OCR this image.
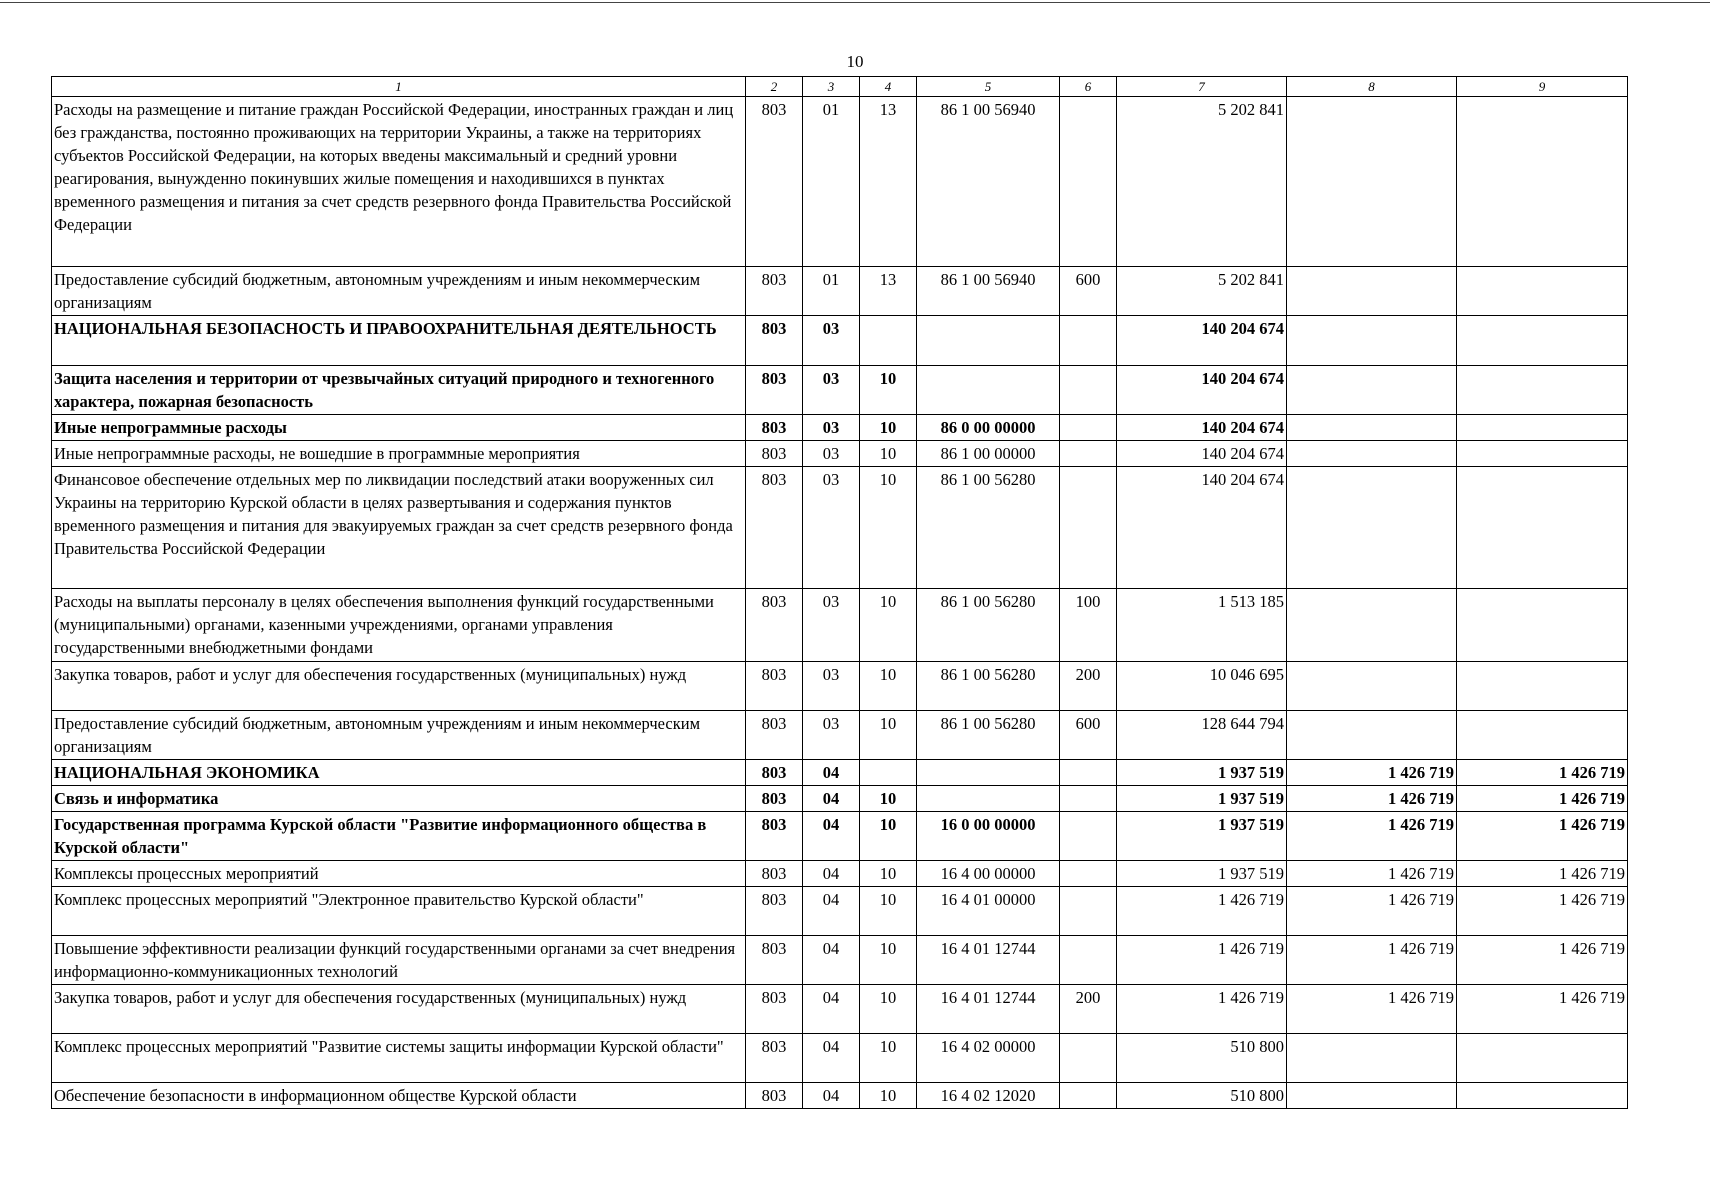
10
1	2	3	4	5	6	7	8	9
Расходы на размещение и питание граждан Российской Федерации, иностранных граждан и лиц без гражданства, постоянно проживающих на территории Украины, а также на территориях субъектов Российской Федерации, на которых введены максимальный и средний уровни реагирования, вынужденно покинувших жилые помещения и находившихся в пунктах временного размещения и питания за счет средств резервного фонда Правительства Российской Федерации	803	01	13	86 1 00 56940		5 202 841		
Предоставление субсидий бюджетным, автономным учреждениям и иным некоммерческим организациям	803	01	13	86 1 00 56940	600	5 202 841		
НАЦИОНАЛЬНАЯ БЕЗОПАСНОСТЬ И ПРАВООХРАНИТЕЛЬНАЯ ДЕЯТЕЛЬНОСТЬ	803	03				140 204 674		
Защита населения и территории от чрезвычайных ситуаций природного и техногенного характера, пожарная безопасность	803	03	10			140 204 674		
Иные непрограммные расходы	803	03	10	86 0 00 00000		140 204 674		
Иные непрограммные расходы, не вошедшие в программные мероприятия	803	03	10	86 1 00 00000		140 204 674		
Финансовое обеспечение отдельных мер по ликвидации последствий атаки вооруженных сил Украины на территорию Курской области в целях развертывания и содержания пунктов временного размещения и питания для эвакуируемых граждан за счет средств резервного фонда Правительства Российской Федерации	803	03	10	86 1 00 56280		140 204 674		
Расходы на выплаты персоналу в целях обеспечения выполнения функций государственными (муниципальными) органами, казенными учреждениями, органами управления государственными внебюджетными фондами	803	03	10	86 1 00 56280	100	1 513 185		
Закупка товаров, работ и услуг для обеспечения государственных (муниципальных) нужд	803	03	10	86 1 00 56280	200	10 046 695		
Предоставление субсидий бюджетным, автономным учреждениям и иным некоммерческим организациям	803	03	10	86 1 00 56280	600	128 644 794		
НАЦИОНАЛЬНАЯ ЭКОНОМИКА	803	04				1 937 519	1 426 719	1 426 719
Связь и информатика	803	04	10			1 937 519	1 426 719	1 426 719
Государственная программа Курской области "Развитие информационного общества в Курской области"	803	04	10	16 0 00 00000		1 937 519	1 426 719	1 426 719
Комплексы процессных мероприятий	803	04	10	16 4 00 00000		1 937 519	1 426 719	1 426 719
Комплекс процессных мероприятий "Электронное правительство Курской области"	803	04	10	16 4 01 00000		1 426 719	1 426 719	1 426 719
Повышение эффективности реализации функций государственными органами за счет внедрения информационно-коммуникационных технологий	803	04	10	16 4 01 12744		1 426 719	1 426 719	1 426 719
Закупка товаров, работ и услуг для обеспечения государственных (муниципальных) нужд	803	04	10	16 4 01 12744	200	1 426 719	1 426 719	1 426 719
Комплекс процессных мероприятий "Развитие системы защиты информации Курской области"	803	04	10	16 4 02 00000		510 800		
Обеспечение безопасности в информационном обществе Курской области	803	04	10	16 4 02 12020		510 800		
